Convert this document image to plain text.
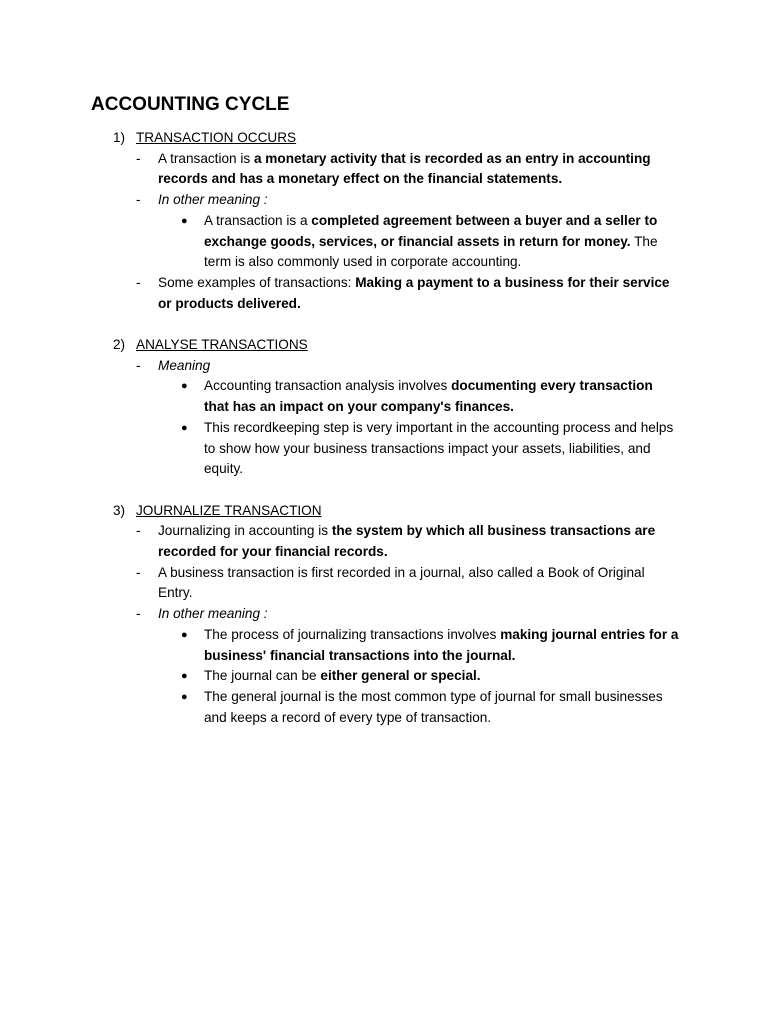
ACCOUNTING CYCLE
1) TRANSACTION OCCURS
- A transaction is a monetary activity that is recorded as an entry in accounting records and has a monetary effect on the financial statements.
- In other meaning :
● A transaction is a completed agreement between a buyer and a seller to exchange goods, services, or financial assets in return for money. The term is also commonly used in corporate accounting.
- Some examples of transactions: Making a payment to a business for their service or products delivered.
2) ANALYSE TRANSACTIONS
- Meaning
● Accounting transaction analysis involves documenting every transaction that has an impact on your company's finances.
● This recordkeeping step is very important in the accounting process and helps to show how your business transactions impact your assets, liabilities, and equity.
3) JOURNALIZE TRANSACTION
- Journalizing in accounting is the system by which all business transactions are recorded for your financial records.
- A business transaction is first recorded in a journal, also called a Book of Original Entry.
- In other meaning :
● The process of journalizing transactions involves making journal entries for a business' financial transactions into the journal.
● The journal can be either general or special.
● The general journal is the most common type of journal for small businesses and keeps a record of every type of transaction.
